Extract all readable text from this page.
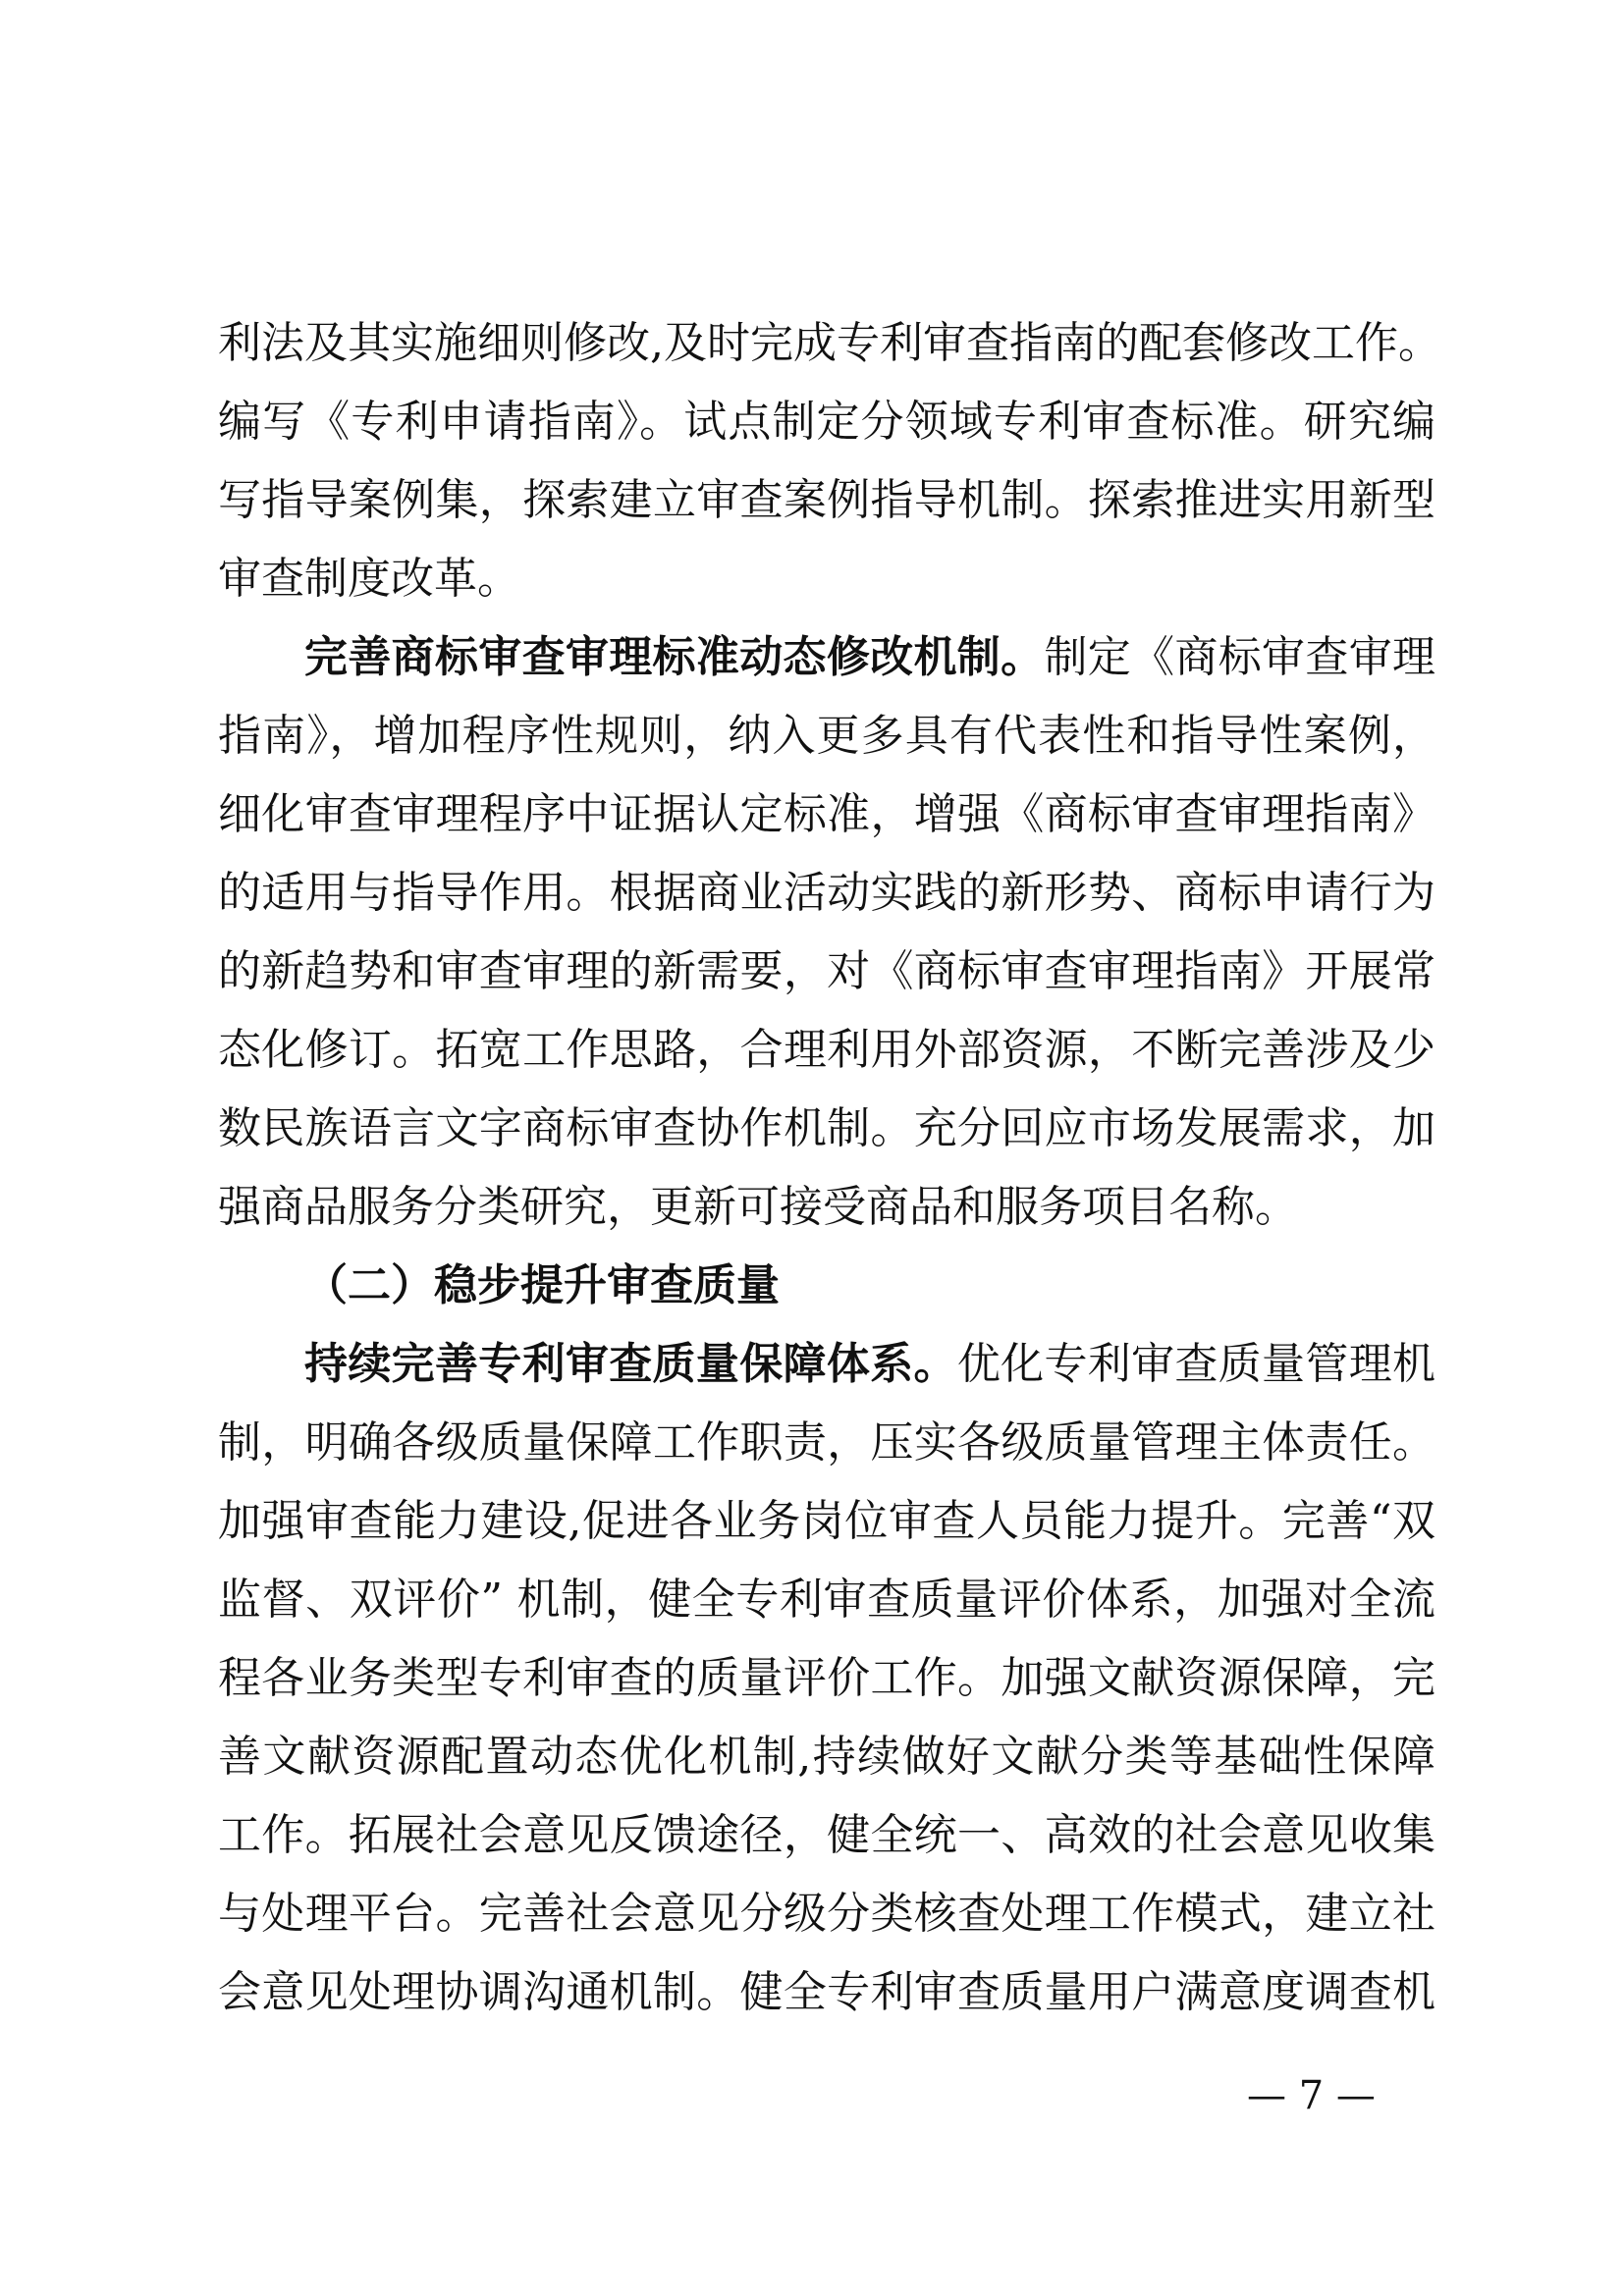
利法及其实施细则修改,及时完成专利审查指南的配套修改工作。
编写《专利申请指南》。试点制定分领域专利审查标准。研究编
写指导案例集，探索建立审查案例指导机制。探索推进实用新型
审查制度改革。
完善商标审查审理标准动态修改机制。制定《商标审查审理
指南》，增加程序性规则，纳入更多具有代表性和指导性案例，
细化审查审理程序中证据认定标准，增强《商标审查审理指南》
的适用与指导作用。根据商业活动实践的新形势、商标申请行为
的新趋势和审查审理的新需要，对《商标审查审理指南》开展常
态化修订。拓宽工作思路，合理利用外部资源，不断完善涉及少
数民族语言文字商标审查协作机制。充分回应市场发展需求，加
强商品服务分类研究，更新可接受商品和服务项目名称。
（二）稳步提升审查质量
持续完善专利审查质量保障体系。优化专利审查质量管理机
制，明确各级质量保障工作职责，压实各级质量管理主体责任。
加强审查能力建设,促进各业务岗位审查人员能力提升。完善“双
监督、双评价” 机制，健全专利审查质量评价体系，加强对全流
程各业务类型专利审查的质量评价工作。加强文献资源保障，完
善文献资源配置动态优化机制,持续做好文献分类等基础性保障
工作。拓展社会意见反馈途径，健全统一、高效的社会意见收集
与处理平台。完善社会意见分级分类核查处理工作模式，建立社
会意见处理协调沟通机制。健全专利审查质量用户满意度调查机
— 7 —
